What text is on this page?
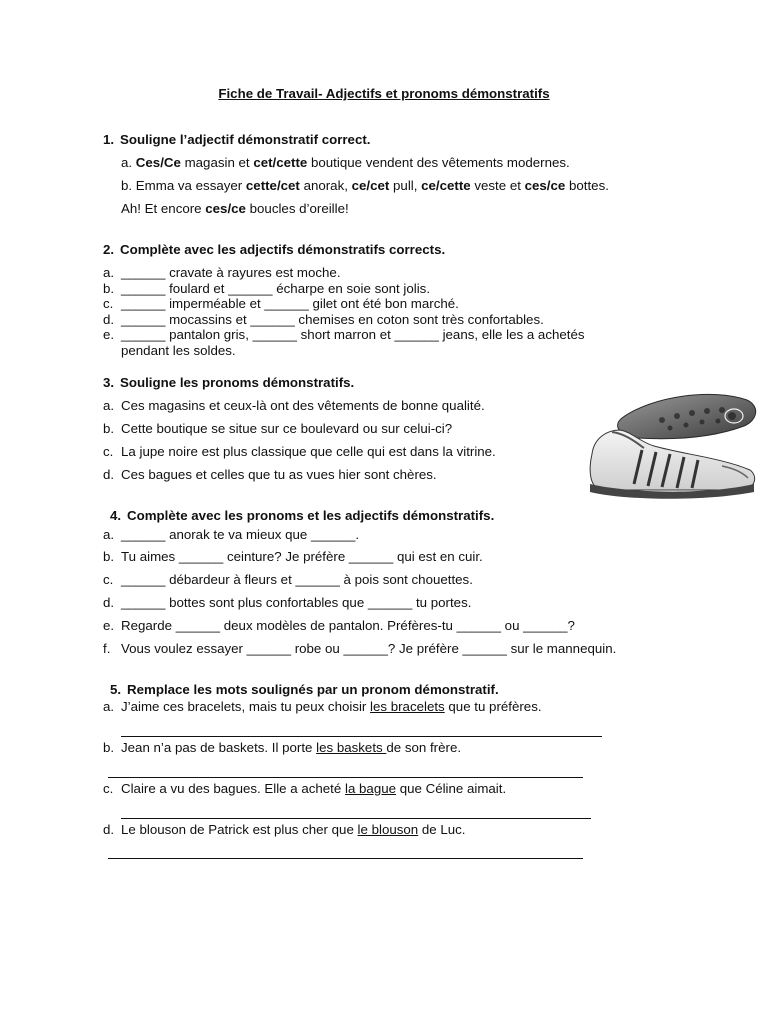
Fiche de Travail- Adjectifs et pronoms démonstratifs
1. Souligne l’adjectif démonstratif correct.
a. Ces/Ce magasin et cet/cette boutique vendent des vêtements modernes.
b. Emma va essayer cette/cet anorak, ce/cet pull, ce/cette veste et ces/ce bottes.
Ah! Et encore ces/ce boucles d’oreille!
2. Complète avec les adjectifs démonstratifs corrects.
a. ______ cravate à rayures est moche.
b. ______ foulard et ______ écharpe en soie sont jolis.
c. ______ imperméable et ______ gilet ont été bon marché.
d. ______ mocassins et ______ chemises en coton sont très confortables.
e. ______ pantalon gris, ______ short marron et ______ jeans, elle les a achetés
pendant les soldes.
3. Souligne les pronoms démonstratifs.
a. Ces magasins et ceux-là ont des vêtements de bonne qualité.
b. Cette boutique se situe sur ce boulevard ou sur celui-ci?
c. La jupe noire est plus classique que celle qui est dans la vitrine.
d. Ces bagues et celles que tu as vues hier sont chères.
4. Complète avec les pronoms et les adjectifs démonstratifs.
a. ______ anorak te va mieux que ______.
b. Tu aimes ______ ceinture? Je préfère ______ qui est en cuir.
c. ______ débardeur à fleurs et ______ à pois sont chouettes.
d. ______ bottes sont plus confortables que ______ tu portes.
e. Regarde ______ deux modèles de pantalon. Préfères-tu ______ ou ______?
f. Vous voulez essayer ______ robe ou ______? Je préfère ______ sur le mannequin.
5. Remplace les mots soulignés par un pronom démonstratif.
a. J’aime ces bracelets, mais tu peux choisir les bracelets que tu préfères.
b. Jean n’a pas de baskets. Il porte les baskets de son frère.
c. Claire a vu des bagues. Elle a acheté la bague que Céline aimait.
d. Le blouson de Patrick est plus cher que le blouson de Luc.
